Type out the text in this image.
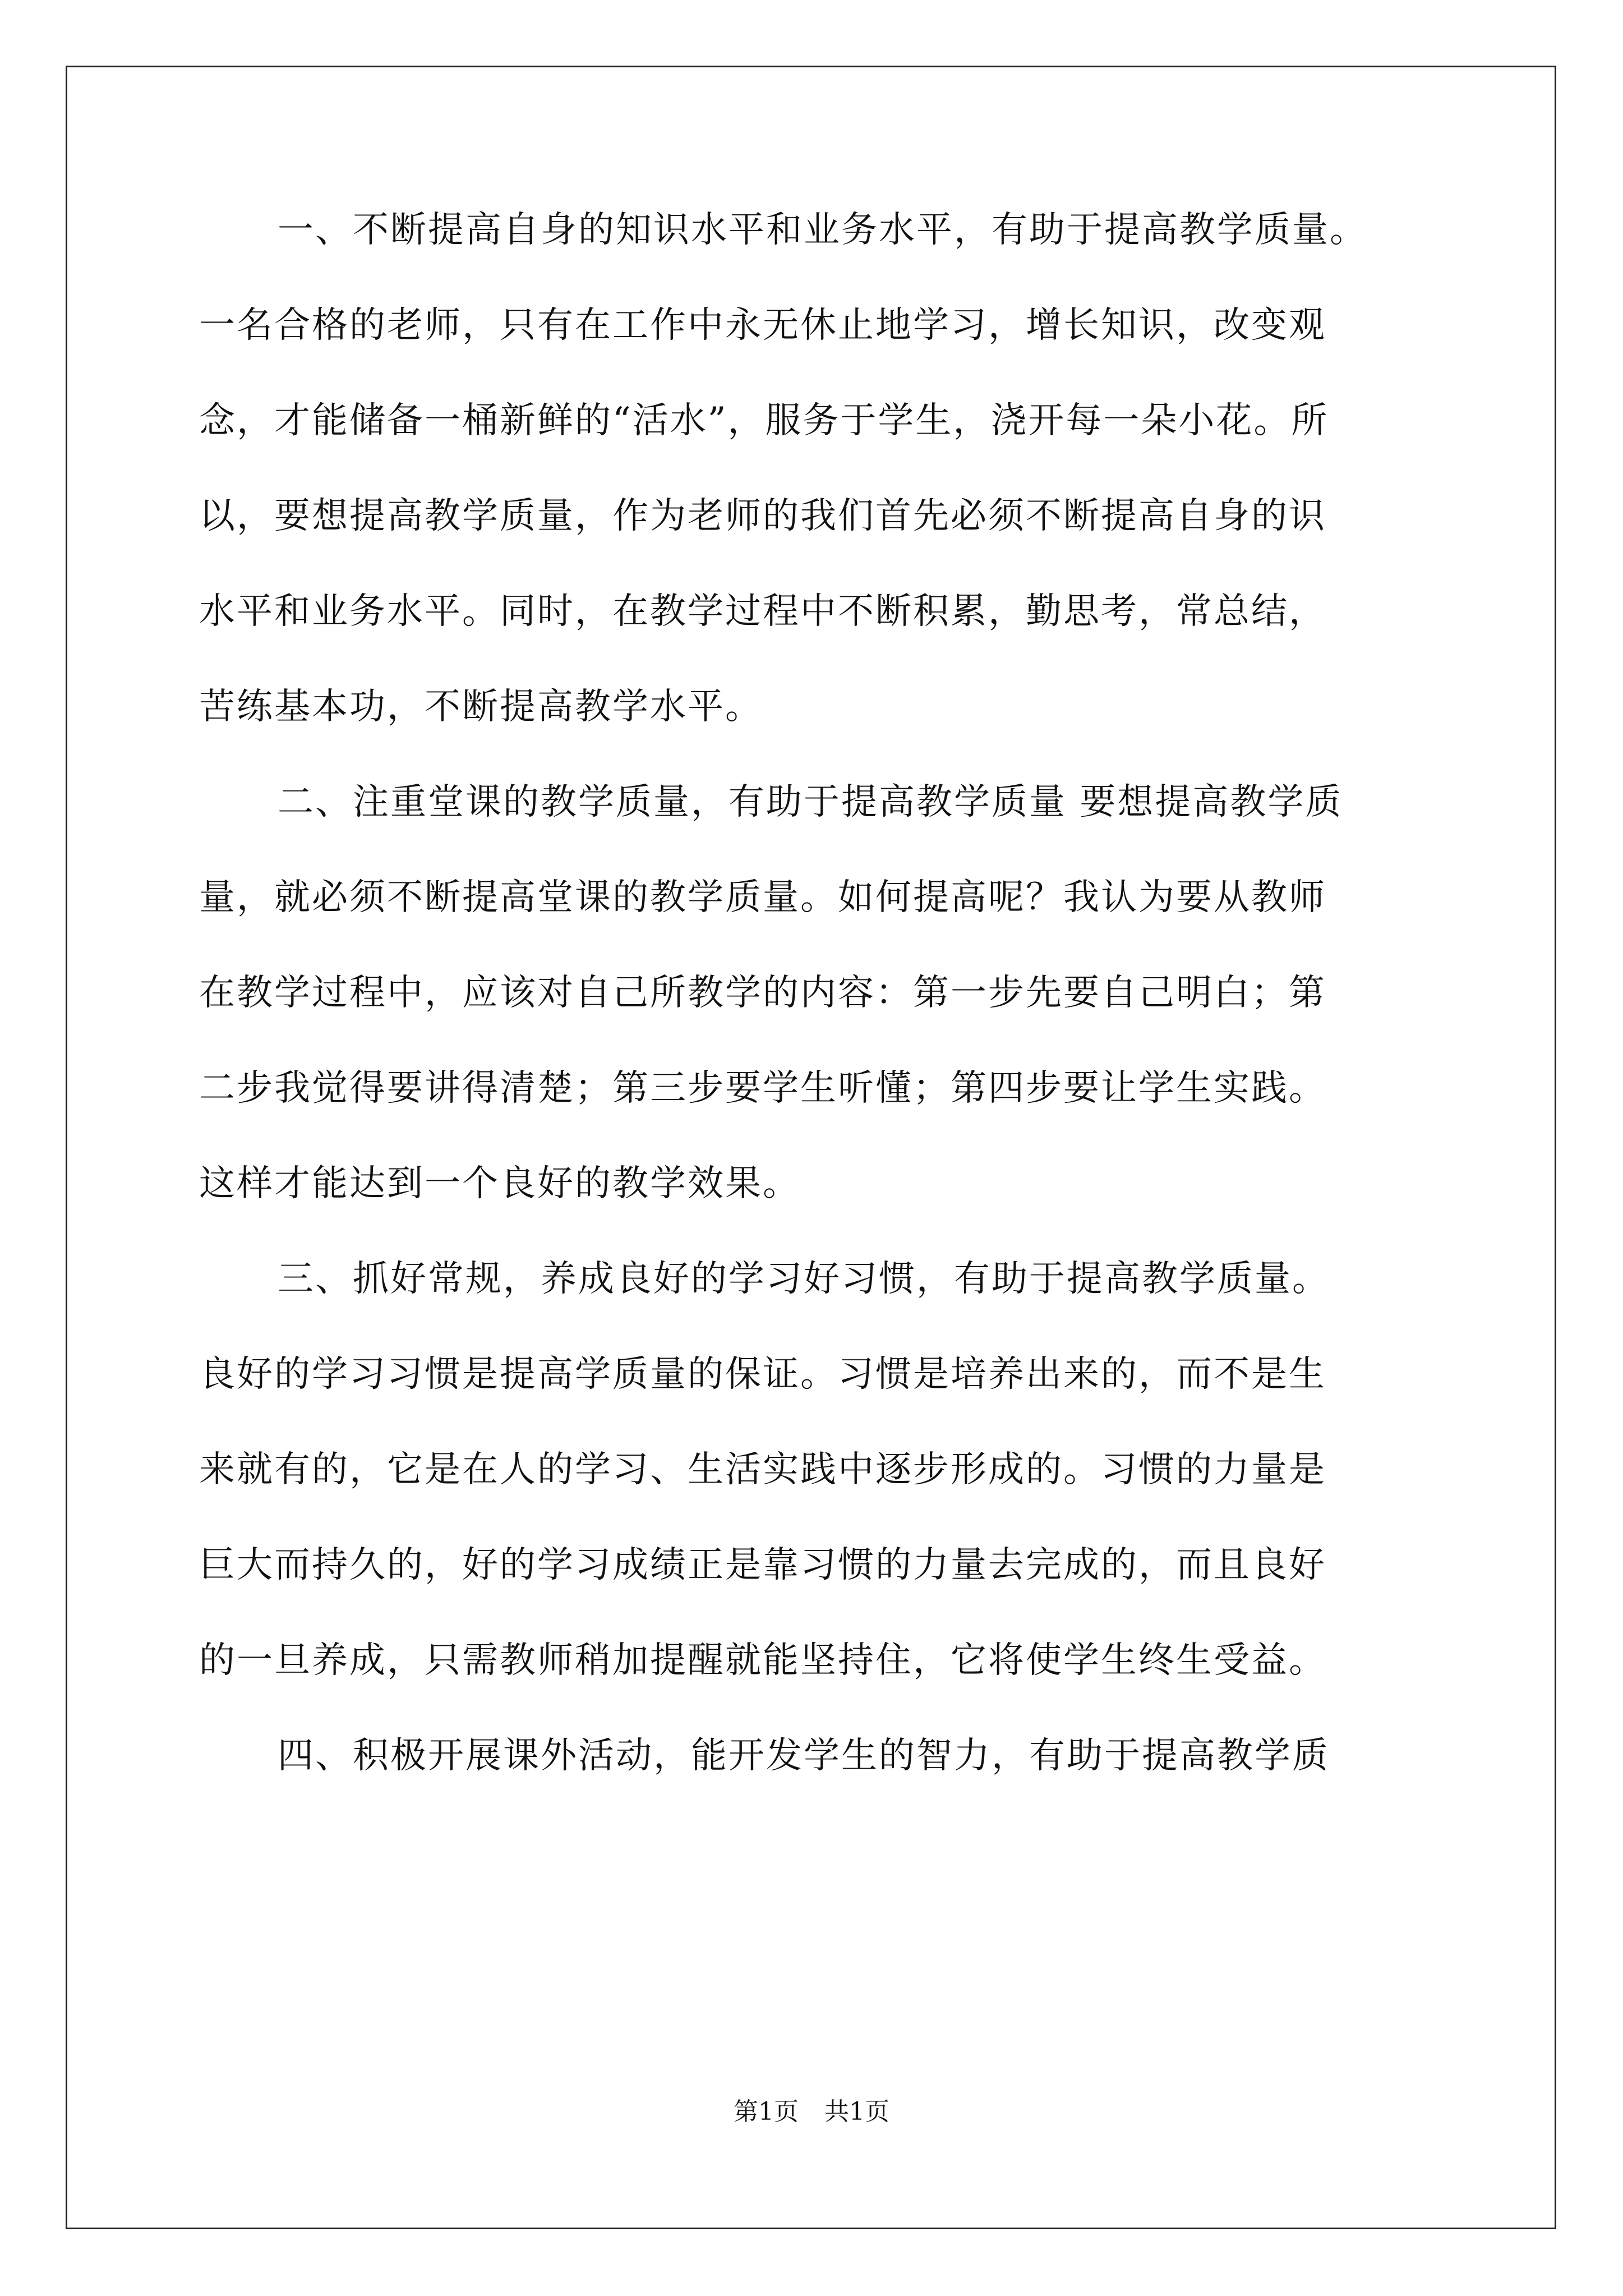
一、不断提高自身的知识水平和业务水平，有助于提高教学质量。
一名合格的老师，只有在工作中永无休止地学习，增长知识，改变观
念，才能储备一桶新鲜的“活水”，服务于学生，浇开每一朵小花。所
以，要想提高教学质量，作为老师的我们首先必须不断提高自身的识
水平和业务水平。同时，在教学过程中不断积累，勤思考，常总结，
苦练基本功，不断提高教学水平。
二、注重堂课的教学质量，有助于提高教学质量 要想提高教学质
量，就必须不断提高堂课的教学质量。如何提高呢？我认为要从教师
在教学过程中，应该对自己所教学的内容：第一步先要自己明白；第
二步我觉得要讲得清楚；第三步要学生听懂；第四步要让学生实践。
这样才能达到一个良好的教学效果。
三、抓好常规，养成良好的学习好习惯，有助于提高教学质量。
良好的学习习惯是提高学质量的保证。习惯是培养出来的，而不是生
来就有的，它是在人的学习、生活实践中逐步形成的。习惯的力量是
巨大而持久的，好的学习成绩正是靠习惯的力量去完成的，而且良好
的一旦养成，只需教师稍加提醒就能坚持住，它将使学生终生受益。
四、积极开展课外活动，能开发学生的智力，有助于提高教学质
第1页 共1页
